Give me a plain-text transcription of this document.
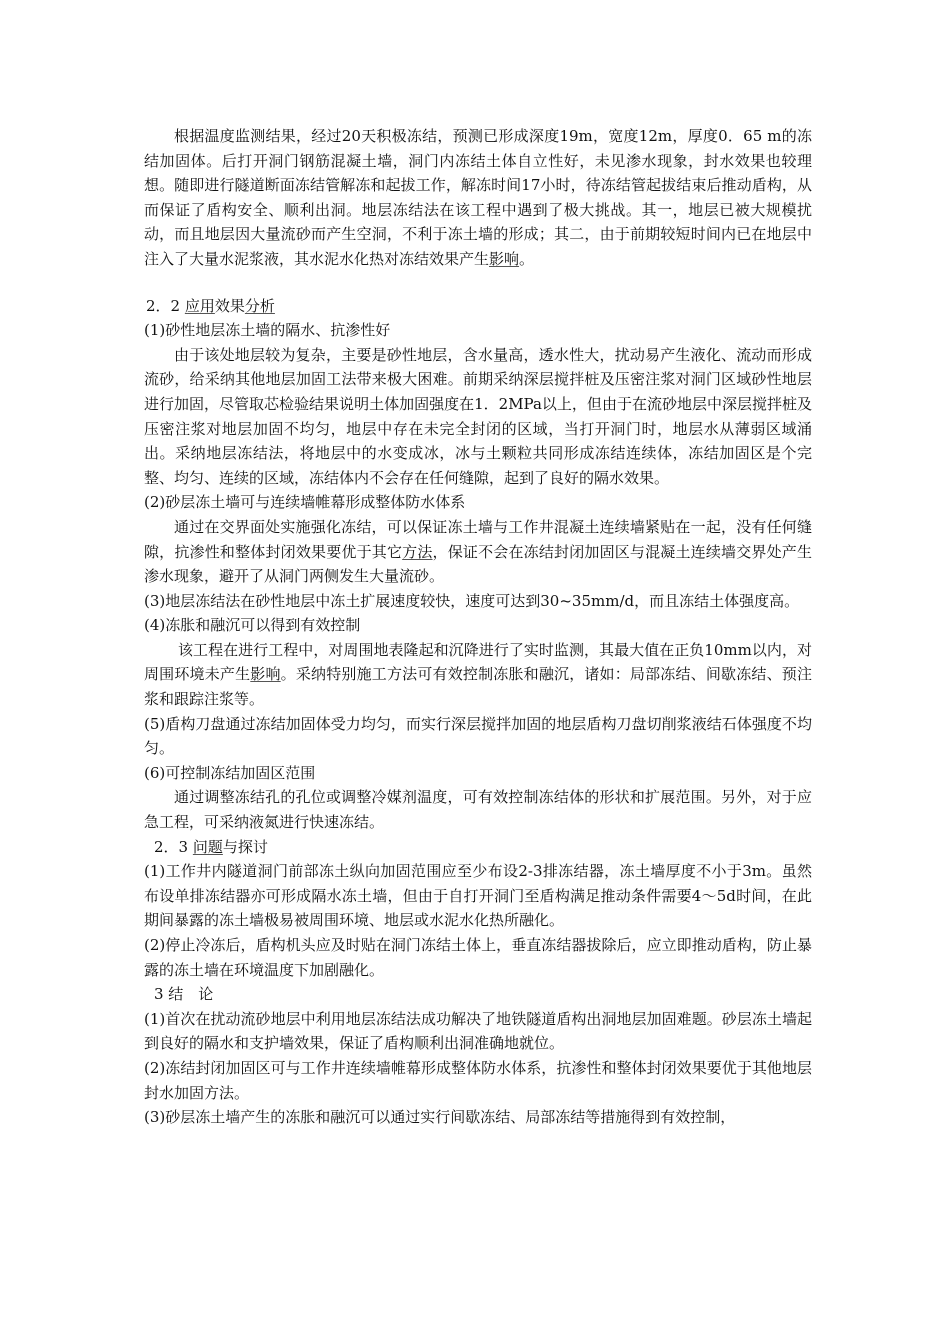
根据温度监测结果，经过20天积极冻结，预测已形成深度19m，宽度12m，厚度0．65 m的冻结加固体。后打开洞门钢筋混凝土墙，洞门内冻结土体自立性好，未见渗水现象，封水效果也较理想。随即进行隧道断面冻结管解冻和起拔工作，解冻时间17小时，待冻结管起拔结束后推动盾构，从而保证了盾构安全、顺利出洞。地层冻结法在该工程中遇到了极大挑战。其一，地层已被大规模扰动，而且地层因大量流砂而产生空洞，不利于冻土墙的形成；其二，由于前期较短时间内已在地层中注入了大量水泥浆液，其水泥水化热对冻结效果产生影响。

2．2 应用效果分析

(1)砂性地层冻土墙的隔水、抗渗性好

由于该处地层较为复杂，主要是砂性地层，含水量高，透水性大，扰动易产生液化、流动而形成流砂，给采纳其他地层加固工法带来极大困难。前期采纳深层搅拌桩及压密注浆对洞门区域砂性地层进行加固，尽管取芯检验结果说明土体加固强度在1．2MPa以上，但由于在流砂地层中深层搅拌桩及压密注浆对地层加固不均匀，地层中存在未完全封闭的区域，当打开洞门时，地层水从薄弱区域涌出。采纳地层冻结法，将地层中的水变成冰，冰与土颗粒共同形成冻结连续体，冻结加固区是个完整、均匀、连续的区域，冻结体内不会存在任何缝隙，起到了良好的隔水效果。

(2)砂层冻土墙可与连续墙帷幕形成整体防水体系

通过在交界面处实施强化冻结，可以保证冻土墙与工作井混凝土连续墙紧贴在一起，没有任何缝隙，抗渗性和整体封闭效果要优于其它方法，保证不会在冻结封闭加固区与混凝土连续墙交界处产生渗水现象，避开了从洞门两侧发生大量流砂。

(3)地层冻结法在砂性地层中冻土扩展速度较快，速度可达到30~35mm/d，而且冻结土体强度高。

(4)冻胀和融沉可以得到有效控制

该工程在进行工程中，对周围地表隆起和沉降进行了实时监测，其最大值在正负10mm以内，对周围环境未产生影响。采纳特别施工方法可有效控制冻胀和融沉，诸如：局部冻结、间歇冻结、预注浆和跟踪注浆等。

(5)盾构刀盘通过冻结加固体受力均匀，而实行深层搅拌加固的地层盾构刀盘切削浆液结石体强度不均匀。

(6)可控制冻结加固区范围

通过调整冻结孔的孔位或调整冷媒剂温度，可有效控制冻结体的形状和扩展范围。另外，对于应急工程，可采纳液氮进行快速冻结。

2．3 问题与探讨

(1)工作井内隧道洞门前部冻土纵向加固范围应至少布设2-3排冻结器，冻土墙厚度不小于3m。虽然布设单排冻结器亦可形成隔水冻土墙，但由于自打开洞门至盾构满足推动条件需要4～5d时间，在此期间暴露的冻土墙极易被周围环境、地层或水泥水化热所融化。

(2)停止冷冻后，盾构机头应及时贴在洞门冻结土体上，垂直冻结器拔除后，应立即推动盾构，防止暴露的冻土墙在环境温度下加剧融化。

3 结　论

(1)首次在扰动流砂地层中利用地层冻结法成功解决了地铁隧道盾构出洞地层加固难题。砂层冻土墙起到良好的隔水和支护墙效果，保证了盾构顺利出洞准确地就位。

(2)冻结封闭加固区可与工作井连续墙帷幕形成整体防水体系，抗渗性和整体封闭效果要优于其他地层封水加固方法。

(3)砂层冻土墙产生的冻胀和融沉可以通过实行间歇冻结、局部冻结等措施得到有效控制，
